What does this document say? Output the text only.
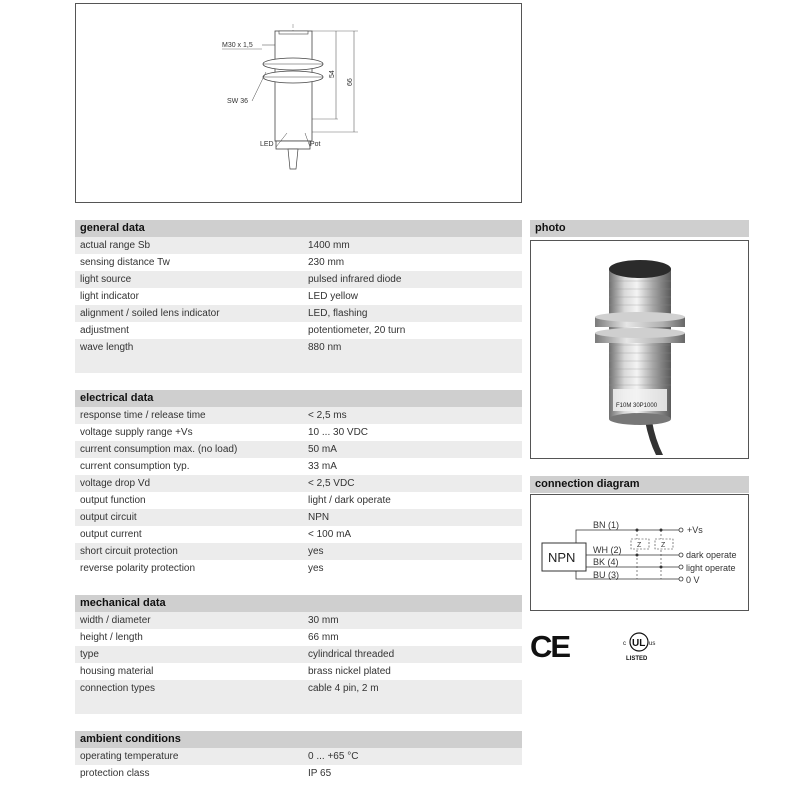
M30 x 1,5
SW 36
54
66
LED	Pot
general data
actual range Sb	1400 mm
sensing distance Tw	230 mm
light source	pulsed infrared diode
light indicator	LED yellow
alignment / soiled lens indicator	LED, flashing
adjustment	potentiometer, 20 turn
wave length	880 nm
electrical data
response time / release time	< 2,5 ms
voltage supply range +Vs	10 ... 30 VDC
current consumption max. (no load)	50 mA
current consumption typ.	33 mA
voltage drop Vd	< 2,5 VDC
output function	light / dark operate
output circuit	NPN
output current	< 100 mA
short circuit protection	yes
reverse polarity protection	yes
mechanical data
width / diameter	30 mm
height / length	66 mm
type	cylindrical threaded
housing material	brass nickel plated
connection types	cable 4 pin, 2 m
ambient conditions
operating temperature	0 ... +65 °C
protection class	IP 65
photo
F10M 30P1000
connection diagram
NPN
BN (1)	+Vs
WH (2)	dark operate
BK (4)
light operate
BU (3)	0 V
Z	Z
CE	c UL us
LISTED
